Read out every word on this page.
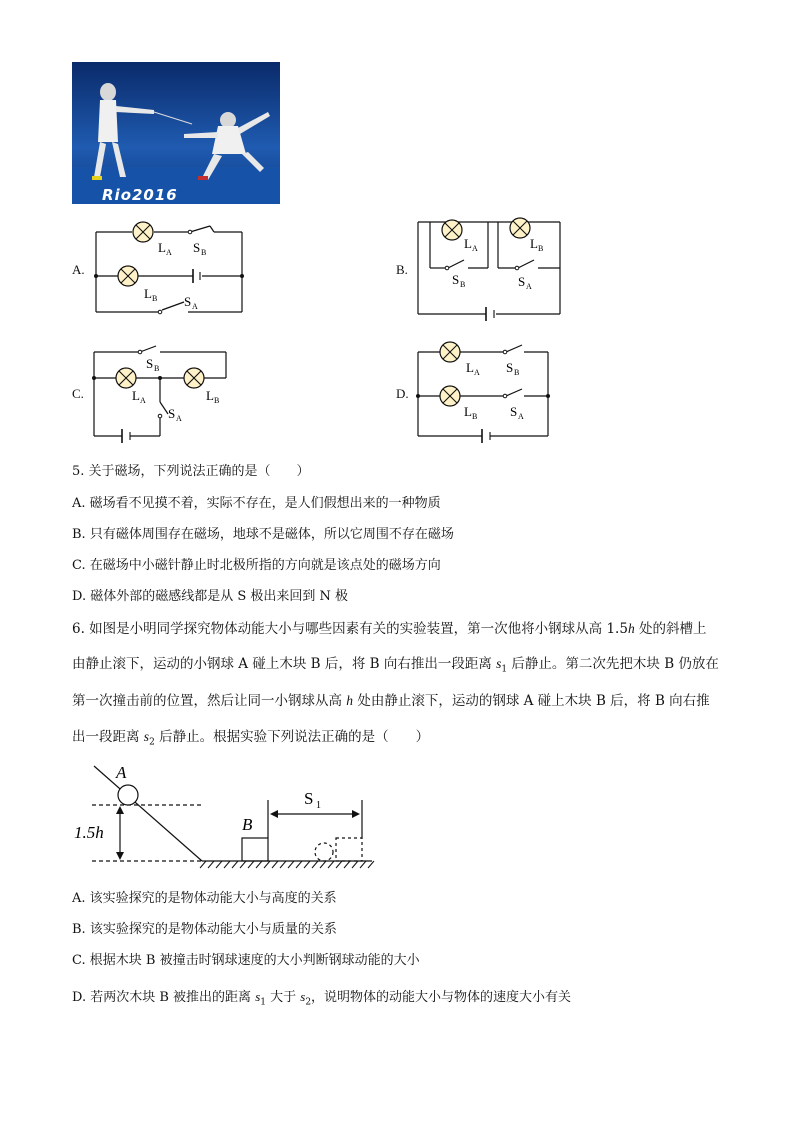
Rio2016
A.
L A S B
L B S A
B.
L A	L B
S B	S A
C.
S B
L A
S A
L B	D.
L A S B
L B	S A
5. 关于磁场，下列说法正确的是（　　）
A. 磁场看不见摸不着，实际不存在，是人们假想出来的一种物质
B. 只有磁体周围存在磁场，地球不是磁体，所以它周围不存在磁场
C. 在磁场中小磁针静止时北极所指的方向就是该点处的磁场方向
D. 磁体外部的磁感线都是从 S 极出来回到 N 极
6. 如图是小明同学探究物体动能大小与哪些因素有关的实验装置，第一次他将小钢球从高 1.5h 处的斜槽上
由静止滚下，运动的小钢球 A 碰上木块 B 后，将 B 向右推出一段距离 $s_1$ 后静止。第二次先把木块 B 仍放在
第一次撞击前的位置，然后让同一小钢球从高 h 处由静止滚下，运动的钢球 A 碰上木块 B 后，将 B 向右推
出一段距离 $s_2$ 后静止。根据实验下列说法正确的是（　　）
A
1.5h	B
S 1
A. 该实验探究的是物体动能大小与高度的关系
B. 该实验探究的是物体动能大小与质量的关系
C. 根据木块 B 被撞击时钢球速度的大小判断钢球动能的大小
D. 若两次木块 B 被推出的距离 $s_1$ 大于 $s_2$，说明物体的动能大小与物体的速度大小有关
